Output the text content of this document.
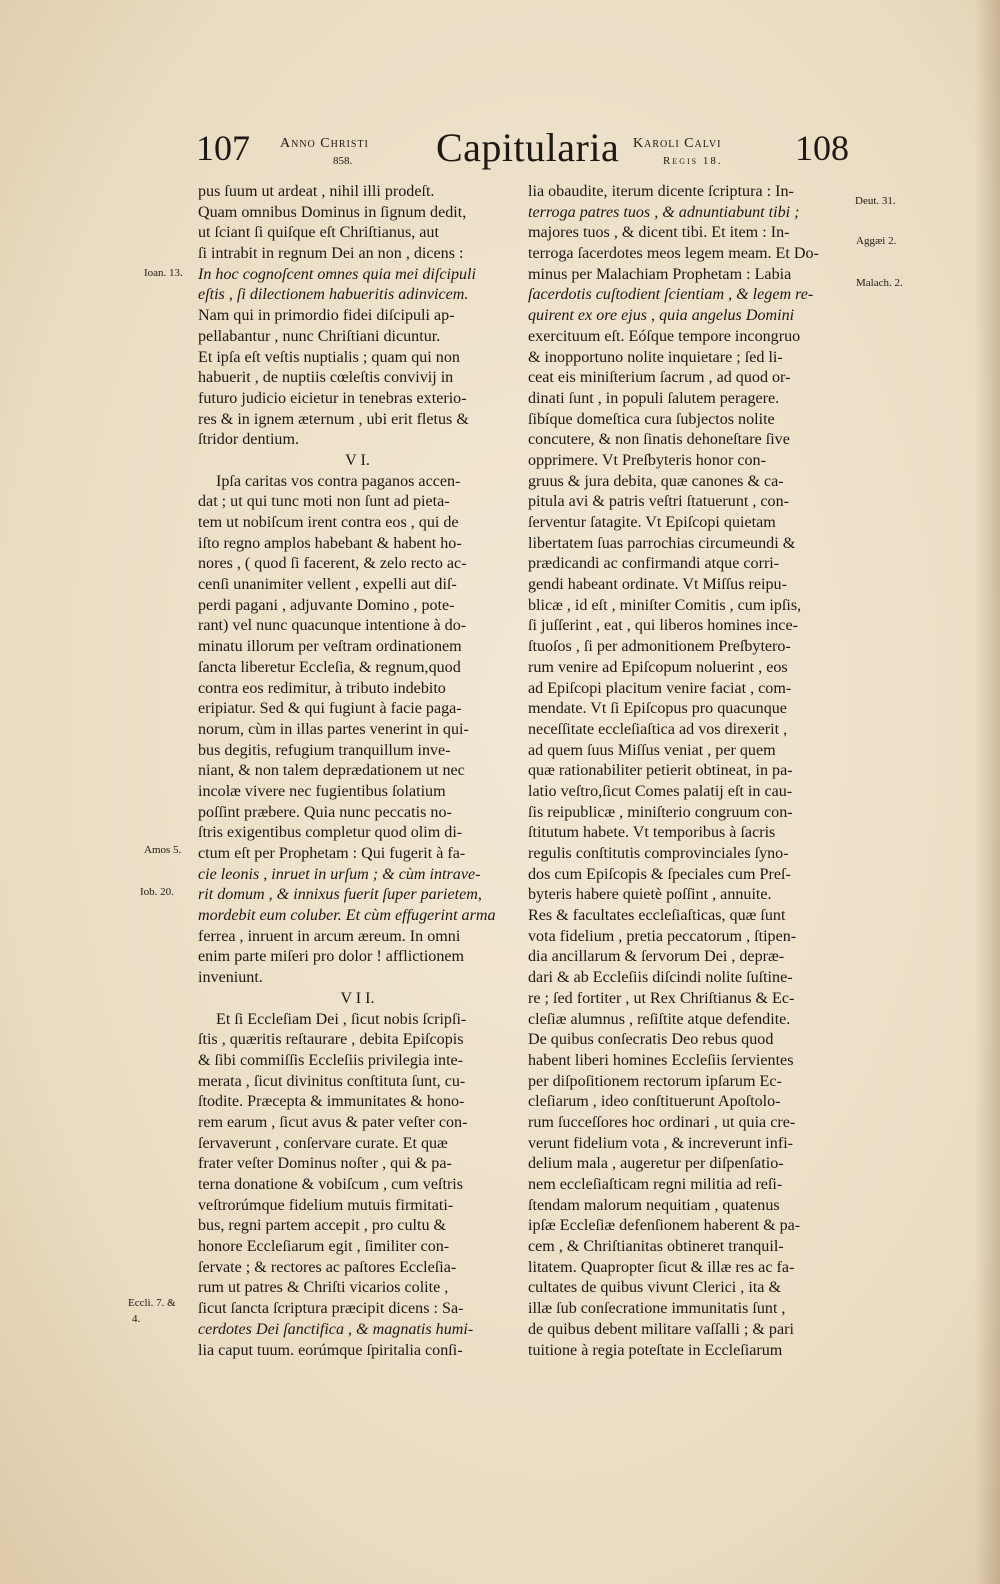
107 Anno Christi
858. Capitularia Karoli Calvi
Regis 18. 108
pus ſuum ut ardeat , nihil illi prodeſt.
Quam omnibus Dominus in ſignum dedit,
ut ſciant ſi quiſque eſt Chriſtianus, aut
ſi intrabit in regnum Dei an non , dicens :
In hoc cognoſcent omnes quia mei diſcipuli
eſtis , ſi dilectionem habueritis adinvicem.
Nam qui in primordio fidei diſcipuli ap-
pellabantur , nunc Chriſtiani dicuntur.
Et ipſa eſt veſtis nuptialis ; quam qui non
habuerit , de nuptiis cœleſtis convivij in
futuro judicio eicietur in tenebras exterio-
res & in ignem æternum , ubi erit fletus &
ſtridor dentium.
V I.
Ipſa caritas vos contra paganos accen-
dat ; ut qui tunc moti non ſunt ad pieta-
tem ut nobiſcum irent contra eos , qui de
iſto regno amplos habebant & habent ho-
nores , ( quod ſi facerent, & zelo recto ac-
cenſi unanimiter vellent , expelli aut diſ-
perdi pagani , adjuvante Domino , pote-
rant) vel nunc quacunque intentione à do-
minatu illorum per veſtram ordinationem
ſancta liberetur Eccleſia, & regnum,quod
contra eos redimitur, à tributo indebito
eripiatur. Sed & qui fugiunt à facie paga-
norum, cùm in illas partes venerint in qui-
bus degitis, refugium tranquillum inve-
niant, & non talem deprædationem ut nec
incolæ vivere nec fugientibus ſolatium
poſſint præbere. Quia nunc peccatis no-
ſtris exigentibus completur quod olim di-
ctum eſt per Prophetam : Qui fugerit à fa-
cie leonis , inruet in urſum ; & cùm intrave-
rit domum , & innixus fuerit ſuper parietem,
mordebit eum coluber. Et cùm effugerint arma
ferrea , inruent in arcum æreum. In omni
enim parte miſeri pro dolor ! afflictionem
inveniunt.
V I I.
Et ſi Eccleſiam Dei , ſicut nobis ſcripſi-
ſtis , quæritis reſtaurare , debita Epiſcopis
& ſibi commiſſis Eccleſiis privilegia inte-
merata , ſicut divinitus conſtituta ſunt, cu-
ſtodite. Præcepta & immunitates & hono-
rem earum , ſicut avus & pater veſter con-
ſervaverunt , conſervare curate. Et quæ
frater veſter Dominus noſter , qui & pa-
terna donatione & vobiſcum , cum veſtris
veſtrorúmque fidelium mutuis firmitati-
bus, regni partem accepit , pro cultu &
honore Eccleſiarum egit , ſimiliter con-
ſervate ; & rectores ac paſtores Eccleſia-
rum ut patres & Chriſti vicarios colite ,
ſicut ſancta ſcriptura præcipit dicens : Sa-
cerdotes Dei ſanctifica , & magnatis humi-
lia caput tuum. eorúmque ſpiritalia conſi-
lia obaudite, iterum dicente ſcriptura : In-
terroga patres tuos , & adnuntiabunt tibi ;
majores tuos , & dicent tibi. Et item : In-
terroga ſacerdotes meos legem meam. Et Do-
minus per Malachiam Prophetam : Labia
ſacerdotis cuſtodient ſcientiam , & legem re-
quirent ex ore ejus , quia angelus Domini
exercituum eſt. Eóſque tempore incongruo
& inopportuno nolite inquietare ; ſed li-
ceat eis miniſterium ſacrum , ad quod or-
dinati ſunt , in populi ſalutem peragere.
ſibíque domeſtica cura ſubjectos nolite
concutere, & non ſinatis dehoneſtare ſive
opprimere. Vt Preſbyteris honor con-
gruus & jura debita, quæ canones & ca-
pitula avi & patris veſtri ſtatuerunt , con-
ſerventur ſatagite. Vt Epiſcopi quietam
libertatem ſuas parrochias circumeundi &
prædicandi ac confirmandi atque corri-
gendi habeant ordinate. Vt Miſſus reipu-
blicæ , id eſt , miniſter Comitis , cum ipſis,
ſi juſſerint , eat , qui liberos homines ince-
ſtuoſos , ſi per admonitionem Preſbytero-
rum venire ad Epiſcopum noluerint , eos
ad Epiſcopi placitum venire faciat , com-
mendate. Vt ſi Epiſcopus pro quacunque
neceſſitate eccleſiaſtica ad vos direxerit ,
ad quem ſuus Miſſus veniat , per quem
quæ rationabiliter petierit obtineat, in pa-
latio veſtro,ſicut Comes palatij eſt in cau-
ſis reipublicæ , miniſterio congruum con-
ſtitutum habete. Vt temporibus à ſacris
regulis conſtitutis comprovinciales ſyno-
dos cum Epiſcopis & ſpeciales cum Preſ-
byteris habere quietè poſſint , annuite.
Res & facultates eccleſiaſticas, quæ ſunt
vota fidelium , pretia peccatorum , ſtipen-
dia ancillarum & ſervorum Dei , depræ-
dari & ab Eccleſiis diſcindi nolite ſuſtine-
re ; ſed fortiter , ut Rex Chriſtianus & Ec-
cleſiæ alumnus , reſiſtite atque defendite.
De quibus conſecratis Deo rebus quod
habent liberi homines Eccleſiis ſervientes
per diſpoſitionem rectorum ipſarum Ec-
cleſiarum , ideo conſtituerunt Apoſtolo-
rum ſucceſſores hoc ordinari , ut quia cre-
verunt fidelium vota , & increverunt infi-
delium mala , augeretur per diſpenſatio-
nem eccleſiaſticam regni militia ad reſi-
ſtendam malorum nequitiam , quatenus
ipſæ Eccleſiæ defenſionem haberent & pa-
cem , & Chriſtianitas obtineret tranquil-
litatem. Quapropter ſicut & illæ res ac fa-
cultates de quibus vivunt Clerici , ita &
illæ ſub conſecratione immunitatis ſunt ,
de quibus debent militare vaſſalli ; & pari
tuitione à regia poteſtate in Eccleſiarum
Ioan. 13.
Amos 5.
Iob. 20.
Eccli. 7. &
4.
Deut. 31.
Aggæi 2.
Malach. 2.
